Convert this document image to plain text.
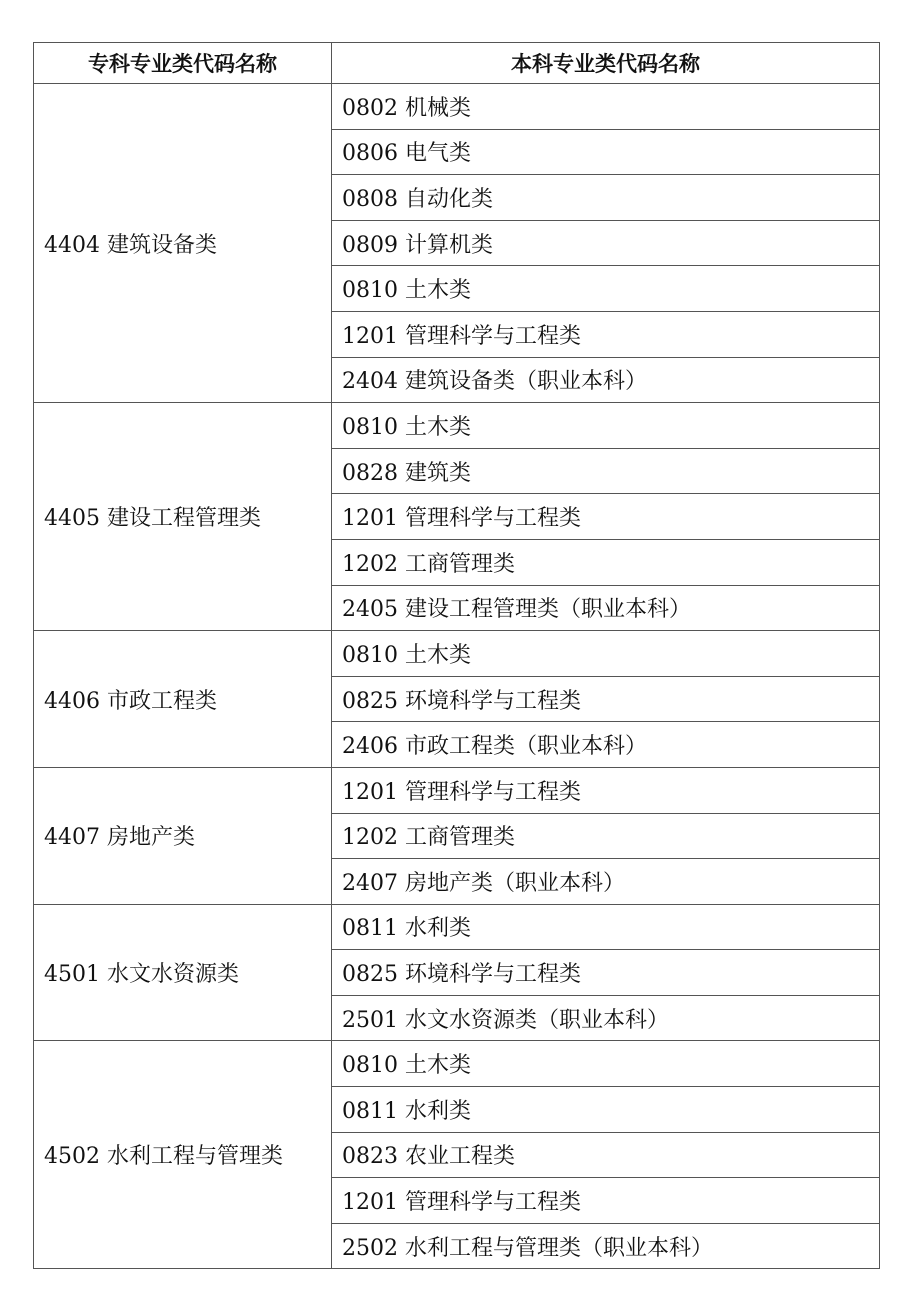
专科专业类代码名称	本科专业类代码名称
4404 建筑设备类	0802 机械类
	0806 电气类
	0808 自动化类
	0809 计算机类
	0810 土木类
	1201 管理科学与工程类
	2404 建筑设备类（职业本科）
4405 建设工程管理类	0810 土木类
	0828 建筑类
	1201 管理科学与工程类
	1202 工商管理类
	2405 建设工程管理类（职业本科）
4406 市政工程类	0810 土木类
	0825 环境科学与工程类
	2406 市政工程类（职业本科）
4407 房地产类	1201 管理科学与工程类
	1202 工商管理类
	2407 房地产类（职业本科）
4501 水文水资源类	0811 水利类
	0825 环境科学与工程类
	2501 水文水资源类（职业本科）
4502 水利工程与管理类	0810 土木类
	0811 水利类
	0823 农业工程类
	1201 管理科学与工程类
	2502 水利工程与管理类（职业本科）
